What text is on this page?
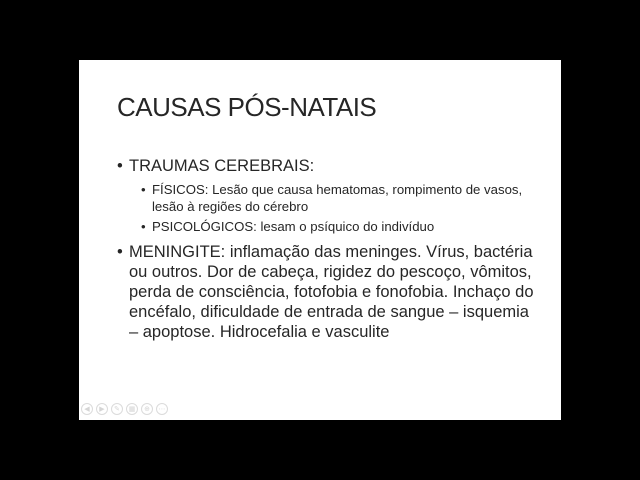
CAUSAS PÓS-NATAIS
• TRAUMAS CEREBRAIS:
• FÍSICOS: Lesão que causa hematomas, rompimento de vasos, lesão à regiões do cérebro
• PSICOLÓGICOS: lesam o psíquico do indivíduo
• MENINGITE: inflamação das meninges. Vírus, bactéria ou outros. Dor de cabeça, rigidez do pescoço, vômitos, perda de consciência, fotofobia e fonofobia. Inchaço do encéfalo, dificuldade de entrada de sangue – isquemia – apoptose. Hidrocefalia e vasculite
◀	▶	✎	▦	⊕	⋯
